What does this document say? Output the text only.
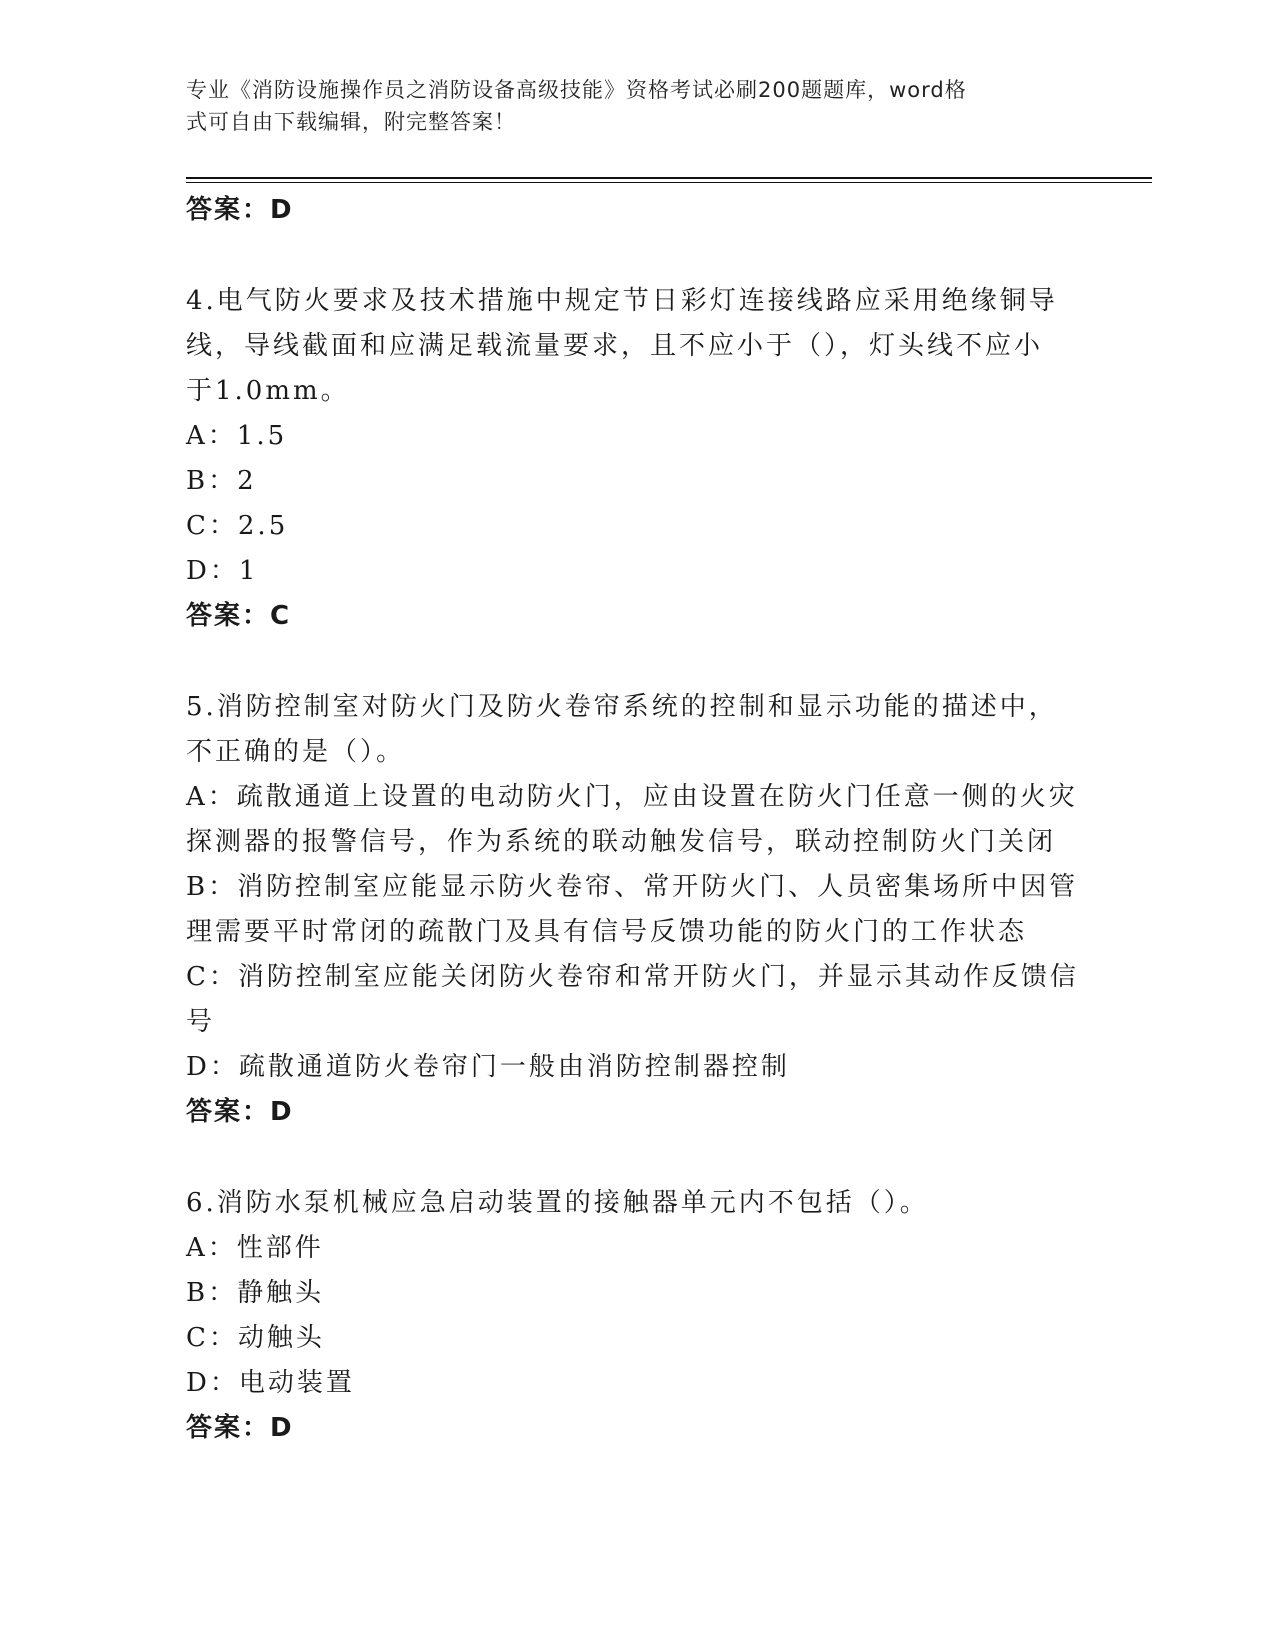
专业《消防设施操作员之消防设备高级技能》资格考试必刷200题题库，word格
式可自由下载编辑，附完整答案！
答案：D
4.电气防火要求及技术措施中规定节日彩灯连接线路应采用绝缘铜导
线，导线截面和应满足载流量要求，且不应小于（），灯头线不应小
于1.0mm。
A：1.5
B：2
C：2.5
D：1
答案：C
5.消防控制室对防火门及防火卷帘系统的控制和显示功能的描述中，
不正确的是（）。
A：疏散通道上设置的电动防火门，应由设置在防火门任意一侧的火灾
探测器的报警信号，作为系统的联动触发信号，联动控制防火门关闭
B：消防控制室应能显示防火卷帘、常开防火门、人员密集场所中因管
理需要平时常闭的疏散门及具有信号反馈功能的防火门的工作状态
C：消防控制室应能关闭防火卷帘和常开防火门，并显示其动作反馈信
号
D：疏散通道防火卷帘门一般由消防控制器控制
答案：D
6.消防水泵机械应急启动装置的接触器单元内不包括（）。
A：性部件
B：静触头
C：动触头
D：电动装置
答案：D
